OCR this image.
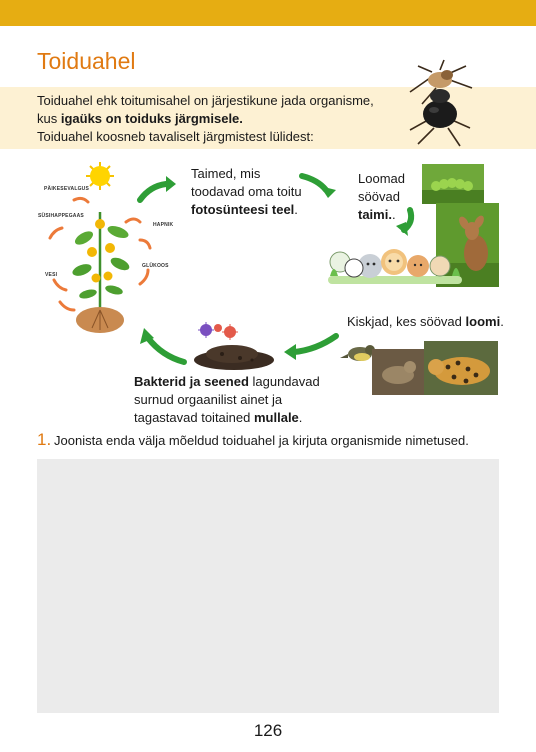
Toiduahel
Toiduahel ehk toitumisahel on järjestikune jada organisme,
kus igaüks on toiduks järgmisele.
Toiduahel koosneb tavaliselt järgmistest lülidest:
PÄIKESEVALGUS
SÜSIHAPPEGAAS
HAPNIK
GLÜKOOS
VESI
Taimed, mis
toodavad oma toitu
fotosünteesi teel.
Loomad
söövad
taimi..
Kiskjad, kes söövad loomi.
Bakterid ja seened lagundavad
surnud orgaanilist ainet ja
tagastavad toitained mullale.
1. Joonista enda välja mõeldud toiduahel ja kirjuta organismide nimetused.
126
